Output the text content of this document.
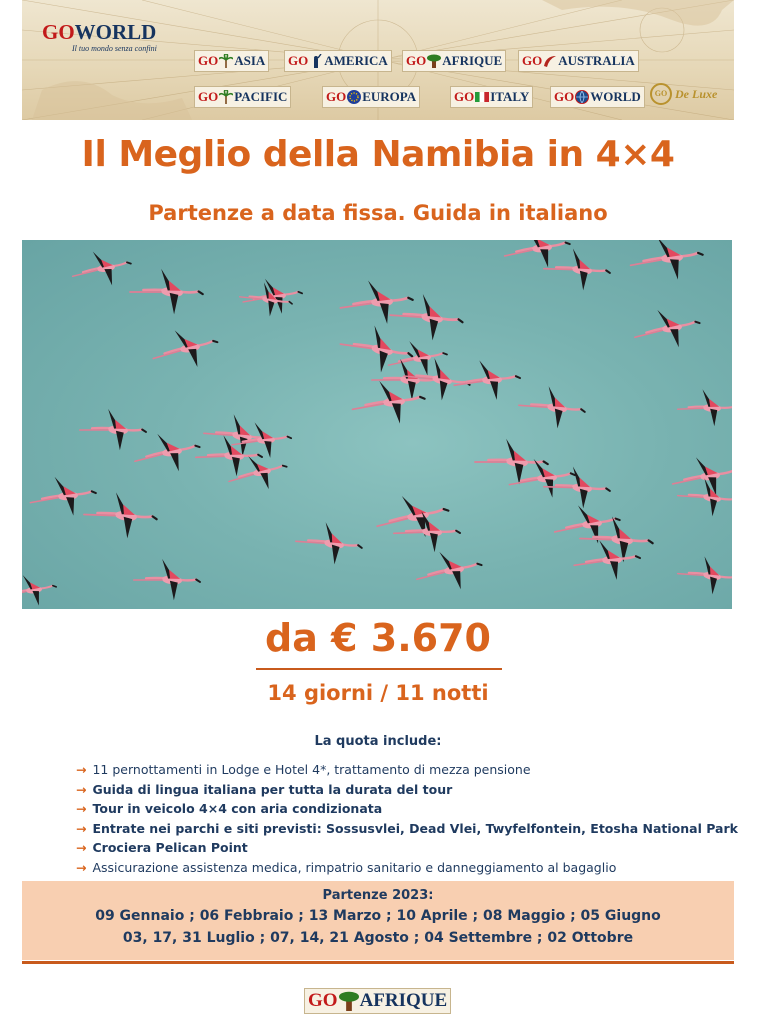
GOWORLD
Il tuo mondo senza confini
GO ASIA GO AMERICA GO AFRIQUE GO AUSTRALIA
GO PACIFIC	GO EUROPA	GO ITALY GO WORLD	GO De Luxe
Il Meglio della Namibia in 4×4
Partenze a data fissa. Guida in italiano
da € 3.670
14 giorni / 11 notti
La quota include:
→ 11 pernottamenti in Lodge e Hotel 4*, trattamento di mezza pensione
→ Guida di lingua italiana per tutta la durata del tour
→ Tour in veicolo 4×4 con aria condizionata
→ Entrate nei parchi e siti previsti: Sossusvlei, Dead Vlei, Twyfelfontein, Etosha National Park
→ Crociera Pelican Point
→ Assicurazione assistenza medica, rimpatrio sanitario e danneggiamento al bagaglio
Partenze 2023:
09 Gennaio ; 06 Febbraio ; 13 Marzo ; 10 Aprile ; 08 Maggio ; 05 Giugno
03, 17, 31 Luglio ; 07, 14, 21 Agosto ; 04 Settembre ; 02 Ottobre
GO AFRIQUE
